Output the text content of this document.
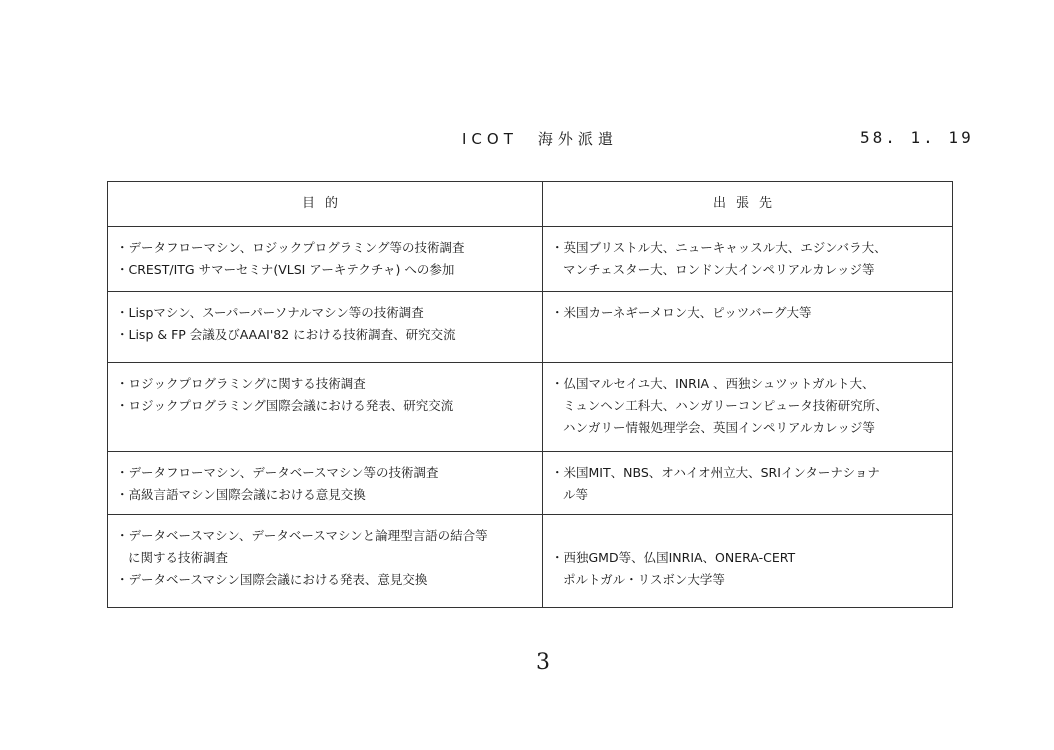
ICOT　海外派遣	58. 1. 19
目的	出張先

・データフローマシン、ロジックプログラミング等の技術調査
・CREST/ITG サマーセミナ(VLSI アーキテクチャ) への参加	・英国ブリストル大、ニューキャッスル大、エジンバラ大、
マンチェスター大、ロンドン大インペリアルカレッジ等

・Lispマシン、スーパーパーソナルマシン等の技術調査
・Lisp & FP 会議及びAAAI'82 における技術調査、研究交流	・米国カーネギーメロン大、ピッツバーグ大等

・ロジックプログラミングに関する技術調査
・ロジックプログラミング国際会議における発表、研究交流	・仏国マルセイユ大、INRIA 、西独シュツットガルト大、
ミュンヘン工科大、ハンガリーコンピュータ技術研究所、
ハンガリー情報処理学会、英国インペリアルカレッジ等

・データフローマシン、データベースマシン等の技術調査
・高級言語マシン国際会議における意見交換	・米国MIT、NBS、オハイオ州立大、SRIインターナショナ
ル等

・データベースマシン、データベースマシンと論理型言語の結合等
に関する技術調査
・データベースマシン国際会議における発表、意見交換	・西独GMD等、仏国INRIA、ONERA-CERT
ポルトガル・リスボン大学等
3
